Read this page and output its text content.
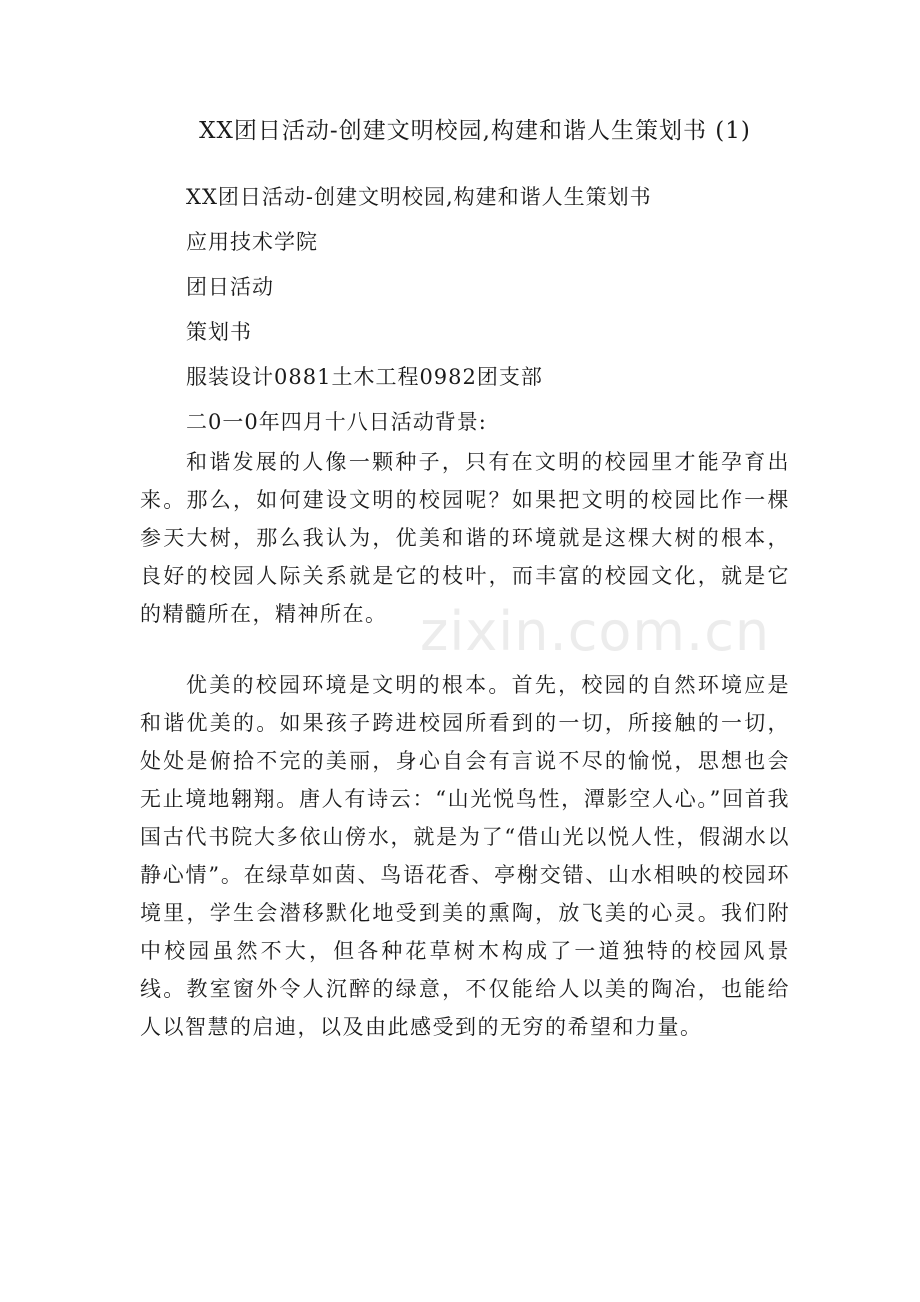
XX团日活动-创建文明校园,构建和谐人生策划书 (1)
XX团日活动-创建文明校园,构建和谐人生策划书
应用技术学院
团日活动
策划书
服装设计0881土木工程0982团支部
二0一0年四月十八日活动背景:

和谐发展的人像一颗种子，只有在文明的校园里才能孕育出来。那么，如何建设文明的校园呢？如果把文明的校园比作一棵参天大树，那么我认为，优美和谐的环境就是这棵大树的根本，良好的校园人际关系就是它的枝叶，而丰富的校园文化，就是它的精髓所在，精神所在。

优美的校园环境是文明的根本。首先，校园的自然环境应是和谐优美的。如果孩子跨进校园所看到的一切，所接触的一切，处处是俯拾不完的美丽，身心自会有言说不尽的愉悦，思想也会无止境地翱翔。唐人有诗云：“山光悦鸟性，潭影空人心。”回首我国古代书院大多依山傍水，就是为了“借山光以悦人性，假湖水以静心情”。在绿草如茵、鸟语花香、亭榭交错、山水相映的校园环境里，学生会潜移默化地受到美的熏陶，放飞美的心灵。我们附中校园虽然不大，但各种花草树木构成了一道独特的校园风景线。教室窗外令人沉醉的绿意，不仅能给人以美的陶冶，也能给人以智慧的启迪，以及由此感受到的无穷的希望和力量。

zixin.com.cn
